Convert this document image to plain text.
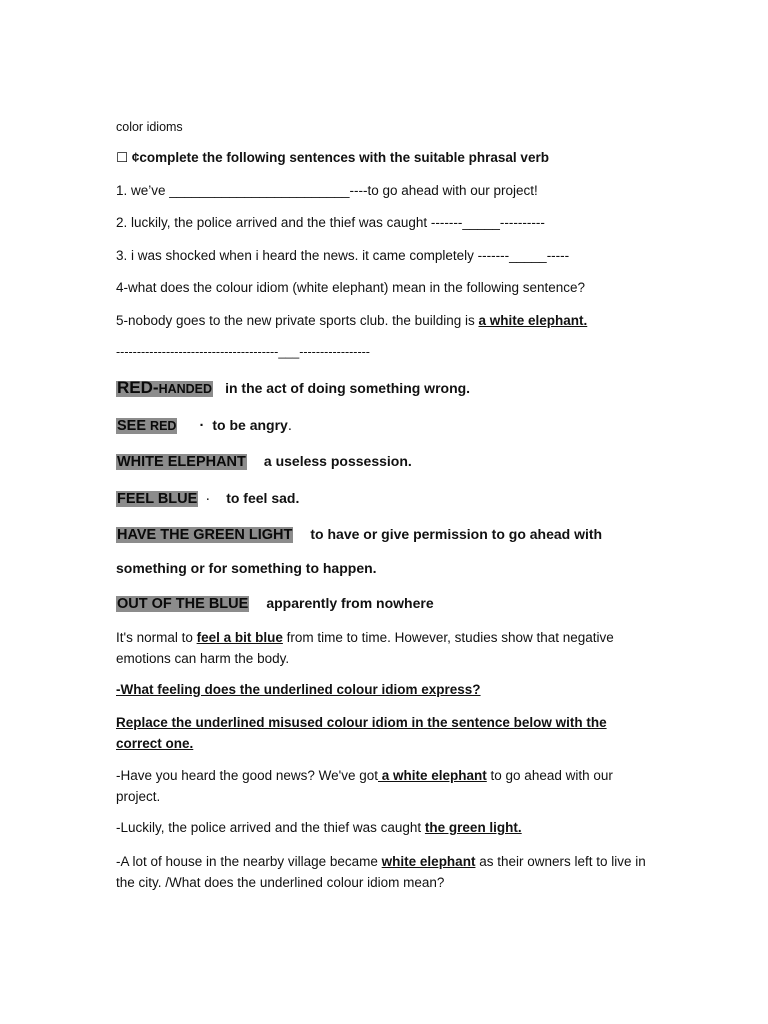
color idioms
☐ ¢complete the following sentences with the suitable phrasal verb
1. we’ve ________________________----to go ahead with our project!
2. luckily, the police arrived and the thief was caught -------_____----------
3. i was shocked when i heard the news. it came completely -------_____-----
4-what does the colour idiom (white elephant) mean in the following sentence?
5-nobody goes to the new private sports club. the building is a white elephant.
---------------------------------------___-----------------
RED-HANDED in the act of doing something wrong.
SEE RED · to be angry.
WHITE ELEPHANT a useless possession.
FEEL BLUE · to feel sad.
HAVE THE GREEN LIGHT to have or give permission to go ahead with
something or for something to happen.
OUT OF THE BLUE apparently from nowhere
It's normal to feel a bit blue from time to time. However, studies show that negative emotions can harm the body.
-What feeling does the underlined colour idiom express?
Replace the underlined misused colour idiom in the sentence below with the correct one.
-Have you heard the good news? We've got a white elephant to go ahead with our project.
-Luckily, the police arrived and the thief was caught the green light.
-A lot of house in the nearby village became white elephant as their owners left to live in the city. /What does the underlined colour idiom mean?
